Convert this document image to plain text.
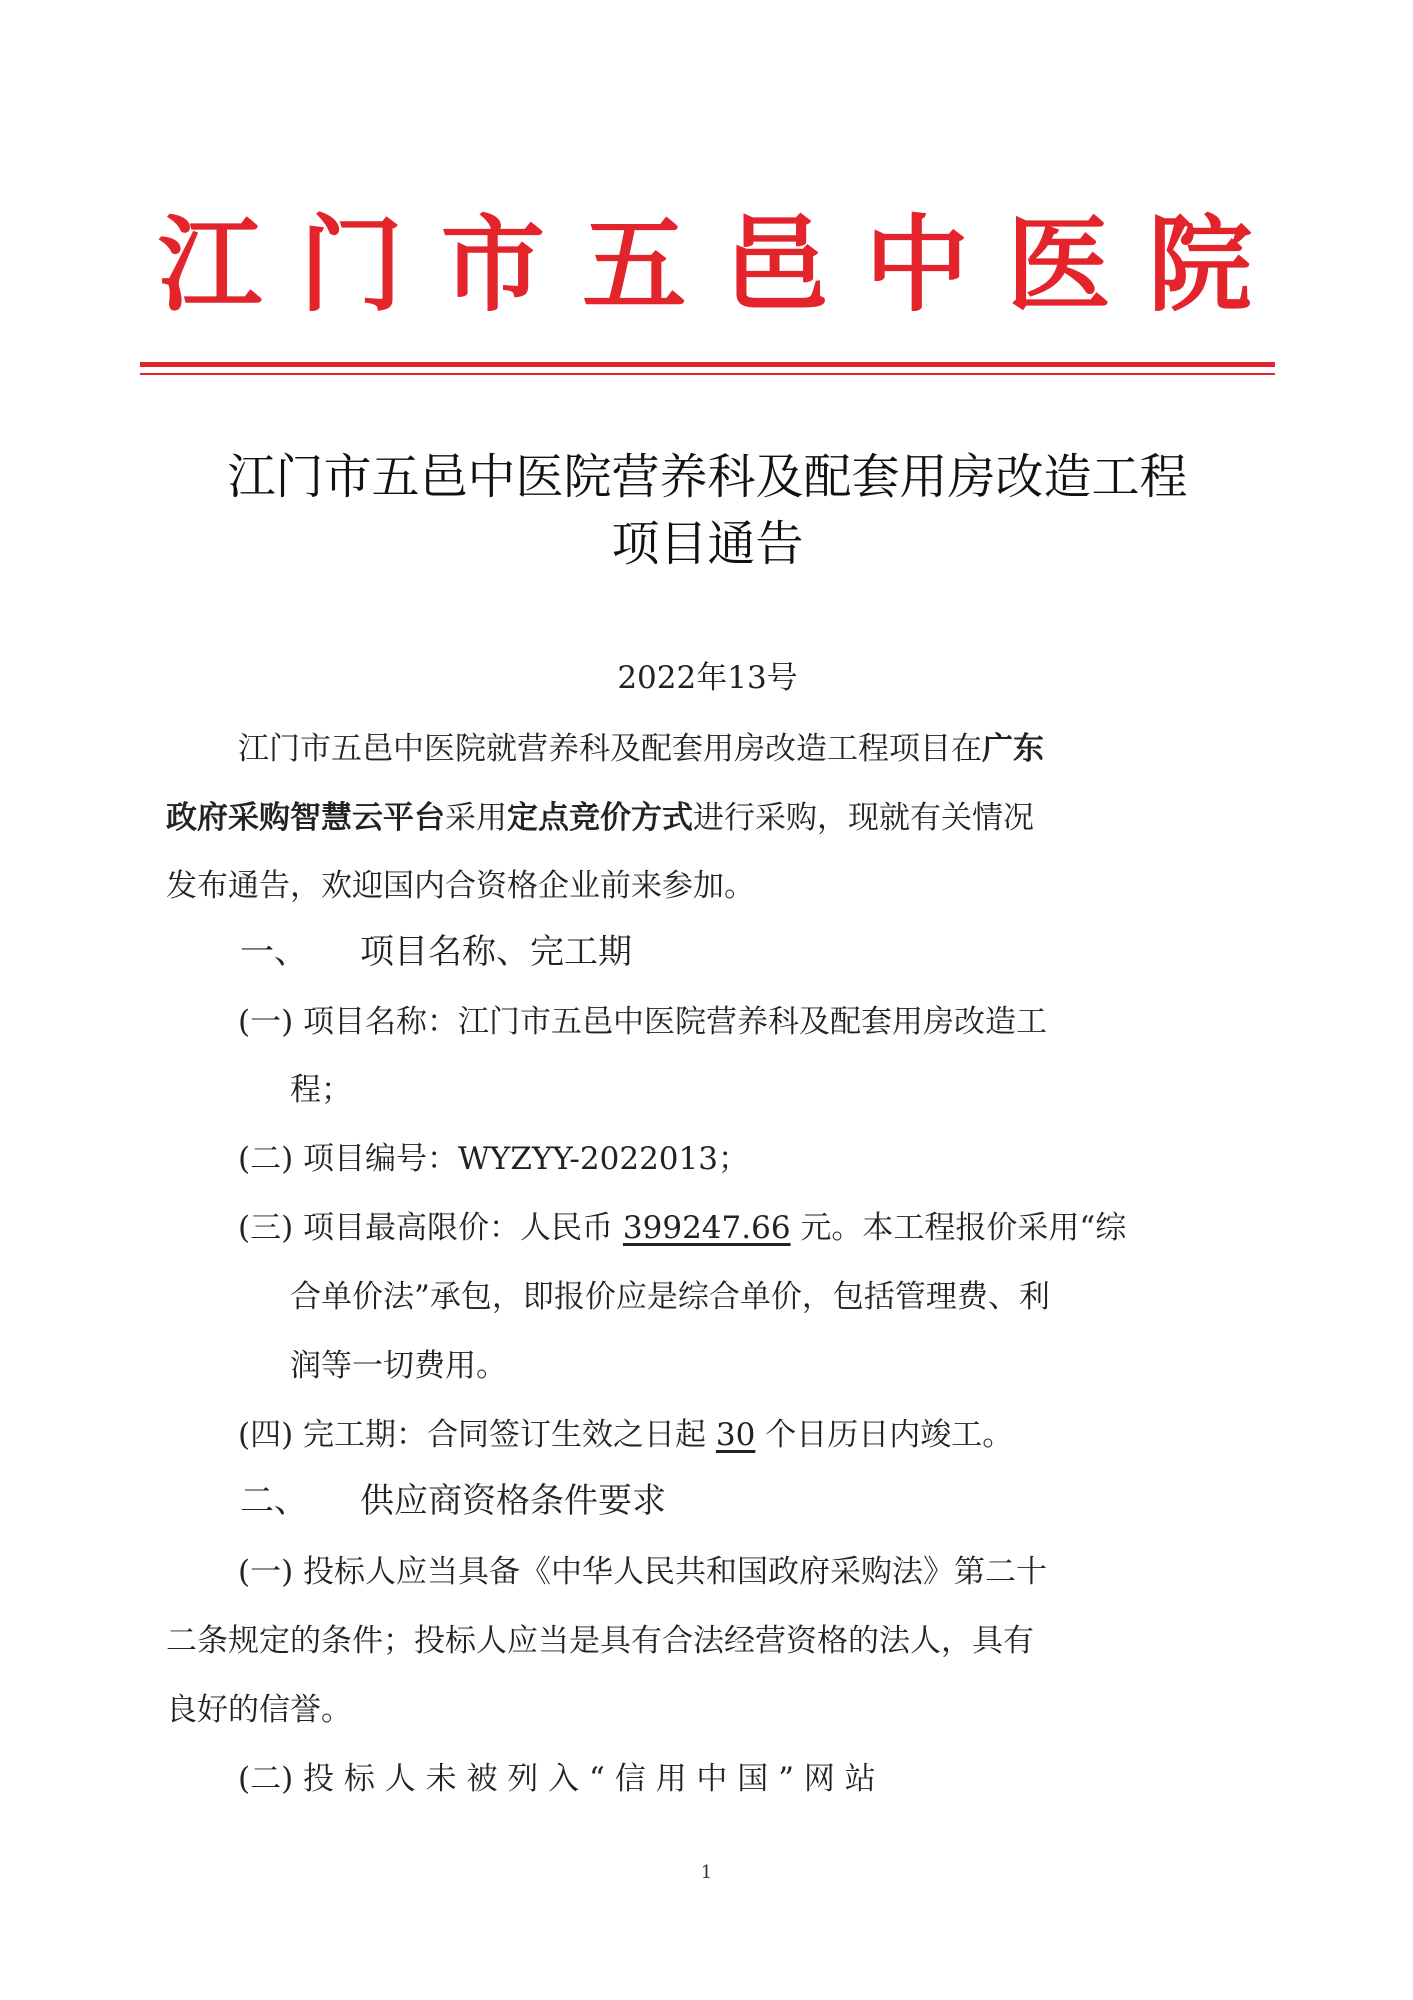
江 门 市 五 邑 中 医 院
江门市五邑中医院营养科及配套用房改造工程
项目通告
2022年13号
江门市五邑中医院就营养科及配套用房改造工程项目在广东
政府采购智慧云平台采用定点竞价方式进行采购，现就有关情况
发布通告，欢迎国内合资格企业前来参加。
一、 项目名称、完工期
(一) 项目名称：江门市五邑中医院营养科及配套用房改造工
程；
(二) 项目编号：WYZYY-2022013；
(三) 项目最高限价：人民币 399247.66 元。本工程报价采用“综
合单价法”承包，即报价应是综合单价，包括管理费、利
润等一切费用。
(四) 完工期：合同签订生效之日起 30 个日历日内竣工。
二、 供应商资格条件要求
(一) 投标人应当具备《中华人民共和国政府采购法》第二十
二条规定的条件；投标人应当是具有合法经营资格的法人，具有
良好的信誉。
(二) 投 标 人 未 被 列 入 “ 信 用 中 国 ” 网 站
1
